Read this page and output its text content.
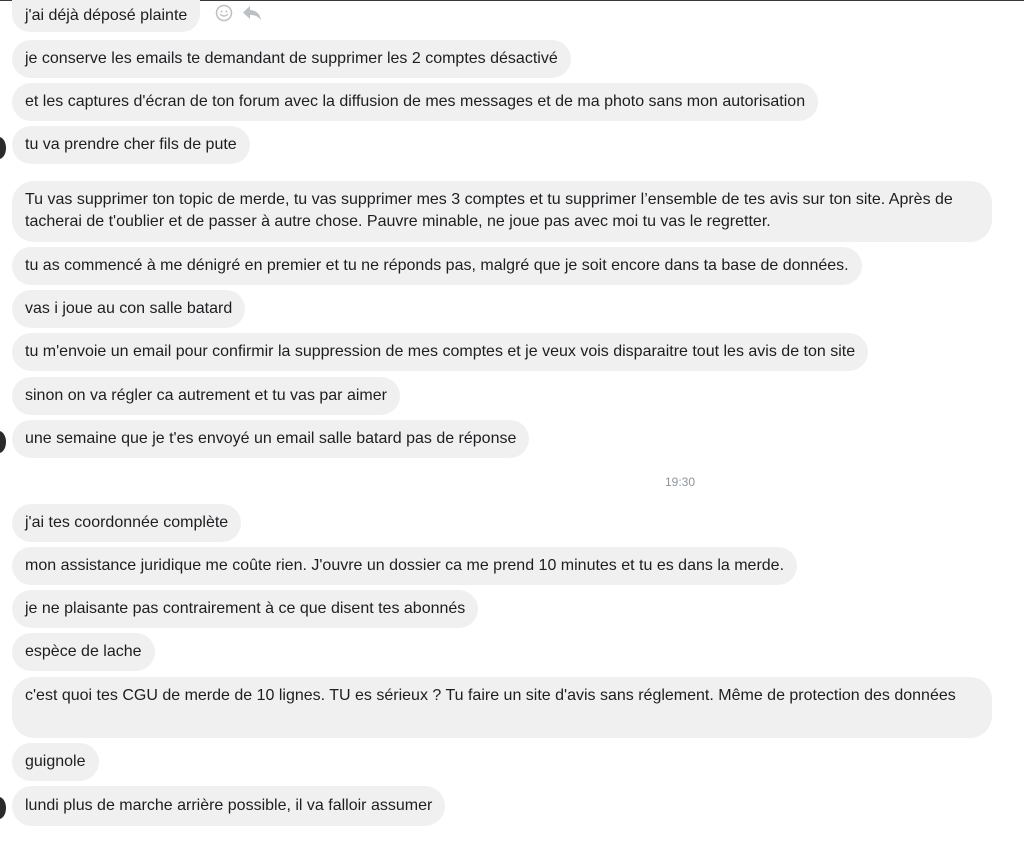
j'ai déjà déposé plainte
je conserve les emails te demandant de supprimer les 2 comptes désactivé
et les captures d'écran de ton forum avec la diffusion de mes messages et de ma photo sans mon autorisation
tu va prendre cher fils de pute
Tu vas supprimer ton topic de merde, tu vas supprimer mes 3 comptes et tu supprimer l’ensemble de tes avis sur ton site. Après de tacherai de t'oublier et de passer à autre chose. Pauvre minable, ne joue pas avec moi tu vas le regretter.
tu as commencé à me dénigré en premier et tu ne réponds pas, malgré que je soit encore dans ta base de données.
vas i joue au con salle batard
tu m'envoie un email pour confirmir la suppression de mes comptes et je veux vois disparaitre tout les avis de ton site
sinon on va régler ca autrement et tu vas par aimer
une semaine que je t'es envoyé un email salle batard pas de réponse
19:30
j'ai tes coordonnée complète
mon assistance juridique me coûte rien. J'ouvre un dossier ca me prend 10 minutes et tu es dans la merde.
je ne plaisante pas contrairement à ce que disent tes abonnés
espèce de lache
c'est quoi tes CGU de merde de 10 lignes. TU es sérieux ? Tu faire un site d'avis sans réglement. Même de protection des données
guignole
lundi plus de marche arrière possible, il va falloir assumer
